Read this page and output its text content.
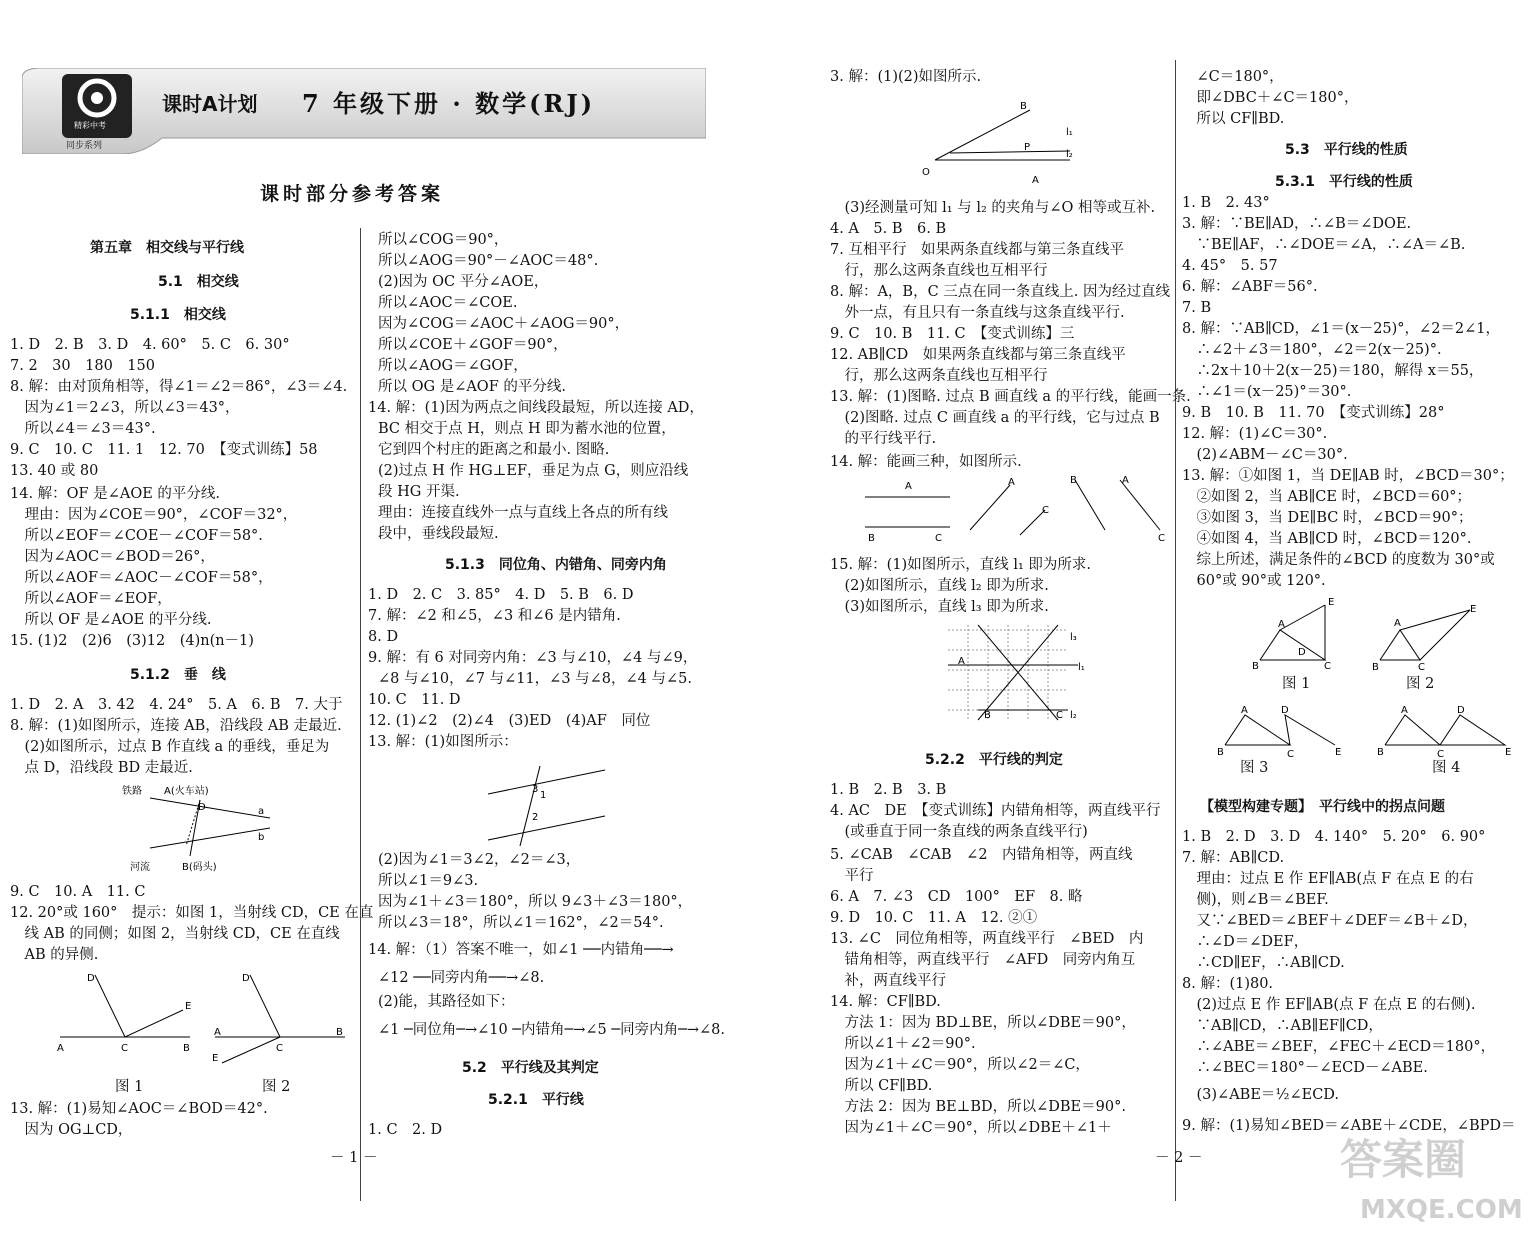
精彩中考
同步系列
课时A计划 7 年级下册 · 数学(RJ)
课时部分参考答案
第五章　相交线与平行线
5.1　相交线
5.1.1　相交线
1. D　2. B　3. D　4. 60°　5. C　6. 30°
7. 2　30　180　150
8. 解：由对顶角相等，得∠1＝∠2＝86°，∠3＝∠4.
　因为∠1＝2∠3，所以∠3＝43°，
　所以∠4＝∠3＝43°.
9. C　10. C　11. 1　12. 70　【变式训练】58
13. 40 或 80
14. 解：OF 是∠AOE 的平分线.
　理由：因为∠COE＝90°，∠COF＝32°，
　所以∠EOF＝∠COE－∠COF＝58°.
　因为∠AOC＝∠BOD＝26°，
　所以∠AOF＝∠AOC－∠COF＝58°，
　所以∠AOF＝∠EOF，
　所以 OF 是∠AOE 的平分线.
15. (1)2　(2)6　(3)12　(4)n(n－1)
5.1.2　垂　线
1. D　2. A　3. 42　4. 24°　5. A　6. B　7. 大于
8. 解：(1)如图所示，连接 AB，沿线段 AB 走最近.
　(2)如图所示，过点 B 作直线 a 的垂线，垂足为
　点 D，沿线段 BD 走最近.
9. C　10. A　11. C
12. 20°或 160°　提示：如图 1，当射线 CD，CE 在直
　线 AB 的同侧；如图 2，当射线 CD，CE 在直线
　AB 的异侧.
图 1	图 2
13. 解：(1)易知∠AOC＝∠BOD＝42°.
　因为 OG⊥CD，
所以∠COG＝90°，
所以∠AOG＝90°－∠AOC＝48°.
(2)因为 OC 平分∠AOE，
所以∠AOC＝∠COE.
因为∠COG＝∠AOC＋∠AOG＝90°，
所以∠COE＋∠GOF＝90°，
所以∠AOG＝∠GOF，
所以 OG 是∠AOF 的平分线.
14. 解：(1)因为两点之间线段最短，所以连接 AD，
BC 相交于点 H，则点 H 即为蓄水池的位置，
它到四个村庄的距离之和最小. 图略.
(2)过点 H 作 HG⊥EF，垂足为点 G，则应沿线
段 HG 开渠.
理由：连接直线外一点与直线上各点的所有线
段中，垂线段最短.
5.1.3　同位角、内错角、同旁内角
1. D　2. C　3. 85°　4. D　5. B　6. D
7. 解：∠2 和∠5，∠3 和∠6 是内错角.
8. D
9. 解：有 6 对同旁内角：∠3 与∠10，∠4 与∠9，
∠8 与∠10，∠7 与∠11，∠3 与∠8，∠4 与∠5.
10. C　11. D
12. (1)∠2　(2)∠4　(3)ED　(4)AF　同位
13. 解：(1)如图所示：
(2)因为∠1＝3∠2，∠2＝∠3，
所以∠1＝9∠3.
因为∠1＋∠3＝180°，所以 9∠3＋∠3＝180°，
所以∠3＝18°，所以∠1＝162°，∠2＝54°.
14. 解：（1）答案不唯一，如∠1 ──内错角──→
∠12 ──同旁内角──→∠8.
(2)能，其路径如下：
∠1 ─同位角─→∠10 ─内错角─→∠5 ─同旁内角─→∠8.
5.2　平行线及其判定
5.2.1　平行线
1. C　2. D
3. 解：(1)(2)如图所示.
　(3)经测量可知 l₁ 与 l₂ 的夹角与∠O 相等或互补.
4. A　5. B　6. B
7. 互相平行　如果两条直线都与第三条直线平
　行，那么这两条直线也互相平行
8. 解：A，B，C 三点在同一条直线上. 因为经过直线
　外一点，有且只有一条直线与这条直线平行.
9. C　10. B　11. C　【变式训练】三
12. AB∥CD　如果两条直线都与第三条直线平
　行，那么这两条直线也互相平行
13. 解：(1)图略. 过点 B 画直线 a 的平行线，能画一条.
　(2)图略. 过点 C 画直线 a 的平行线，它与过点 B
　的平行线平行.
14. 解：能画三种，如图所示.
15. 解：(1)如图所示，直线 l₁ 即为所求.
　(2)如图所示，直线 l₂ 即为所求.
　(3)如图所示，直线 l₃ 即为所求.
5.2.2　平行线的判定
1. B　2. B　3. B
4. AC　DE　【变式训练】内错角相等，两直线平行
　(或垂直于同一条直线的两条直线平行)
5. ∠CAB　∠CAB　∠2　内错角相等，两直线
　平行
6. A　7. ∠3　CD　100°　EF　8. 略
9. D　10. C　11. A　12. ②①
13. ∠C　同位角相等，两直线平行　∠BED　内
　错角相等，两直线平行　∠AFD　同旁内角互
　补，两直线平行
14. 解：CF∥BD.
　方法 1：因为 BD⊥BE，所以∠DBE＝90°，
　所以∠1＋∠2＝90°.
　因为∠1＋∠C＝90°，所以∠2＝∠C，
　所以 CF∥BD.
　方法 2：因为 BE⊥BD，所以∠DBE＝90°.
　因为∠1＋∠C＝90°，所以∠DBE＋∠1＋
　∠C＝180°，
　即∠DBC＋∠C＝180°，
　所以 CF∥BD.
5.3　平行线的性质
5.3.1　平行线的性质
1. B　2. 43°
3. 解：∵BE∥AD，∴∠B＝∠DOE.
　∵BE∥AF，∴∠DOE＝∠A，∴∠A＝∠B.
4. 45°　5. 57
6. 解：∠ABF＝56°.
7. B
8. 解：∵AB∥CD，∠1＝(x－25)°，∠2＝2∠1，
　∴∠2＋∠3＝180°，∠2＝2(x－25)°.
　∴2x＋10＋2(x－25)＝180，解得 x＝55，
　∴∠1＝(x－25)°＝30°.
9. B　10. B　11. 70　【变式训练】28°
12. 解：(1)∠C＝30°.
　(2)∠ABM－∠C＝30°.
13. 解：①如图 1，当 DE∥AB 时，∠BCD＝30°；
　②如图 2，当 AB∥CE 时，∠BCD＝60°；
　③如图 3，当 DE∥BC 时，∠BCD＝90°；
　④如图 4，当 AB∥CD 时，∠BCD＝120°.
　综上所述，满足条件的∠BCD 的度数为 30°或
　60°或 90°或 120°.
图 1	图 2
图 3	图 4
【模型构建专题】　平行线中的拐点问题
1. B　2. D　3. D　4. 140°　5. 20°　6. 90°
7. 解：AB∥CD.
　理由：过点 E 作 EF∥AB(点 F 在点 E 的右
　侧)，则∠B＝∠BEF.
　又∵∠BED＝∠BEF＋∠DEF＝∠B＋∠D，
　∴∠D＝∠DEF，
　∴CD∥EF，∴AB∥CD.
8. 解：(1)80.
　(2)过点 E 作 EF∥AB(点 F 在点 E 的右侧).
　∵AB∥CD，∴AB∥EF∥CD，
　∴∠ABE＝∠BEF，∠FEC＋∠ECD＝180°，
　∴∠BEC＝180°－∠ECD－∠ABE.
　(3)∠ABE＝½∠ECD.
9. 解：(1)易知∠BED＝∠ABE＋∠CDE，∠BPD＝
铁路 A(火车站)
河流	B(码头)
a
b
D
A	C	B
D
E
A
C
B
D
E
3
1
2
O
B
P
A
l₁
l₂
A
B	C
A
C
B	A
C
l₃
l₁
l₂
A
B	C
A
B	C
E
D
A
B	C
E
A
B	C
D
E
A
B	C
D
E
－ 1 －	－ 2 －	答案圈
MXQE.COM
